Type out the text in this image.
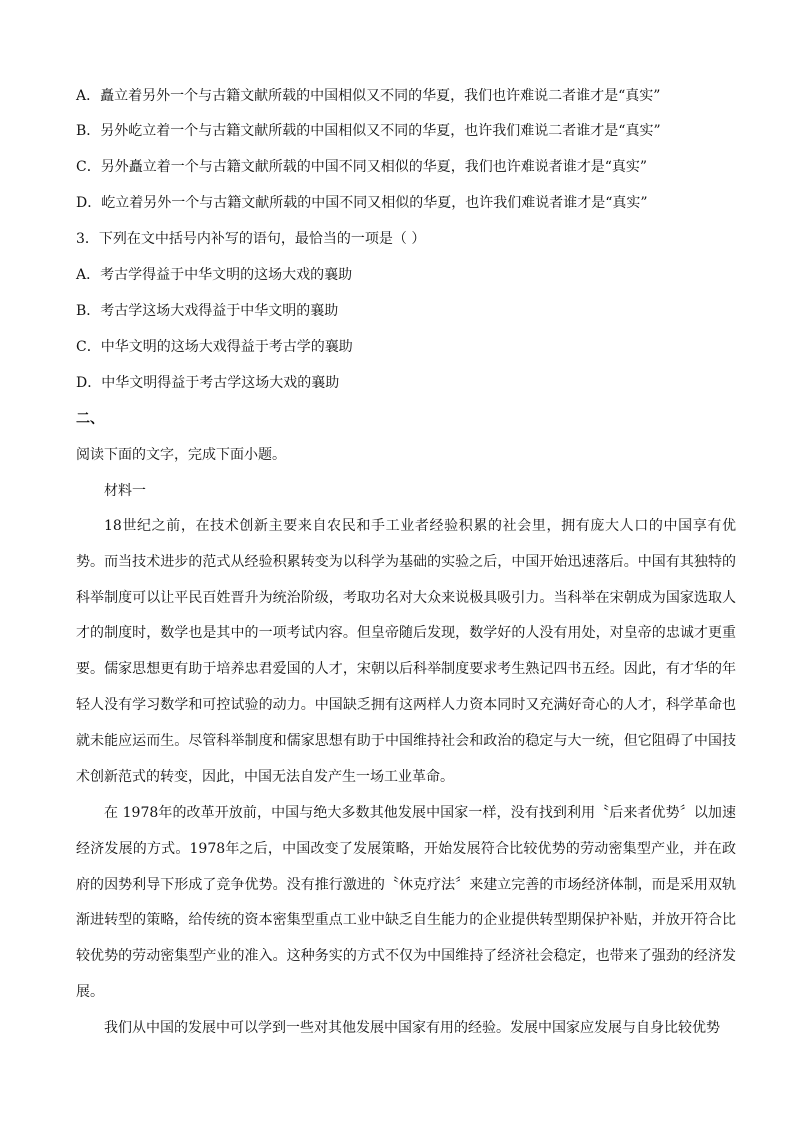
A．矗立着另外一个与古籍文献所载的中国相似又不同的华夏，我们也许难说二者谁才是“真实”

B．另外屹立着一个与古籍文献所载的中国相似又不同的华夏，也许我们难说二者谁才是“真实”

C．另外矗立着一个与古籍文献所载的中国不同又相似的华夏，我们也许难说者谁才是“真实”

D．屹立着另外一个与古籍文献所载的中国不同又相似的华夏，也许我们难说者谁才是“真实”

3．下列在文中括号内补写的语句，最恰当的一项是（ ）

A．考古学得益于中华文明的这场大戏的襄助

B．考古学这场大戏得益于中华文明的襄助

C．中华文明的这场大戏得益于考古学的襄助

D．中华文明得益于考古学这场大戏的襄助

二、

阅读下面的文字，完成下面小题。

材料一

18世纪之前，在技术创新主要来自农民和手工业者经验积累的社会里，拥有庞大人口的中国享有优势。而当技术进步的范式从经验积累转变为以科学为基础的实验之后，中国开始迅速落后。中国有其独特的科举制度可以让平民百姓晋升为统治阶级，考取功名对大众来说极具吸引力。当科举在宋朝成为国家选取人才的制度时，数学也是其中的一项考试内容。但皇帝随后发现，数学好的人没有用处，对皇帝的忠诚才更重要。儒家思想更有助于培养忠君爱国的人才，宋朝以后科举制度要求考生熟记四书五经。因此，有才华的年轻人没有学习数学和可控试验的动力。中国缺乏拥有这两样人力资本同时又充满好奇心的人才，科学革命也就未能应运而生。尽管科举制度和儒家思想有助于中国维持社会和政治的稳定与大一统，但它阻碍了中国技术创新范式的转变，因此，中国无法自发产生一场工业革命。

在 1978年的改革开放前，中国与绝大多数其他发展中国家一样，没有找到利用〝后来者优势〞以加速经济发展的方式。1978年之后，中国改变了发展策略，开始发展符合比较优势的劳动密集型产业，并在政府的因势利导下形成了竞争优势。没有推行激进的〝休克疗法〞来建立完善的市场经济体制，而是采用双轨渐进转型的策略，给传统的资本密集型重点工业中缺乏自生能力的企业提供转型期保护补贴，并放开符合比较优势的劳动密集型产业的准入。这种务实的方式不仅为中国维持了经济社会稳定，也带来了强劲的经济发展。

我们从中国的发展中可以学到一些对其他发展中国家有用的经验。发展中国家应发展与自身比较优势
